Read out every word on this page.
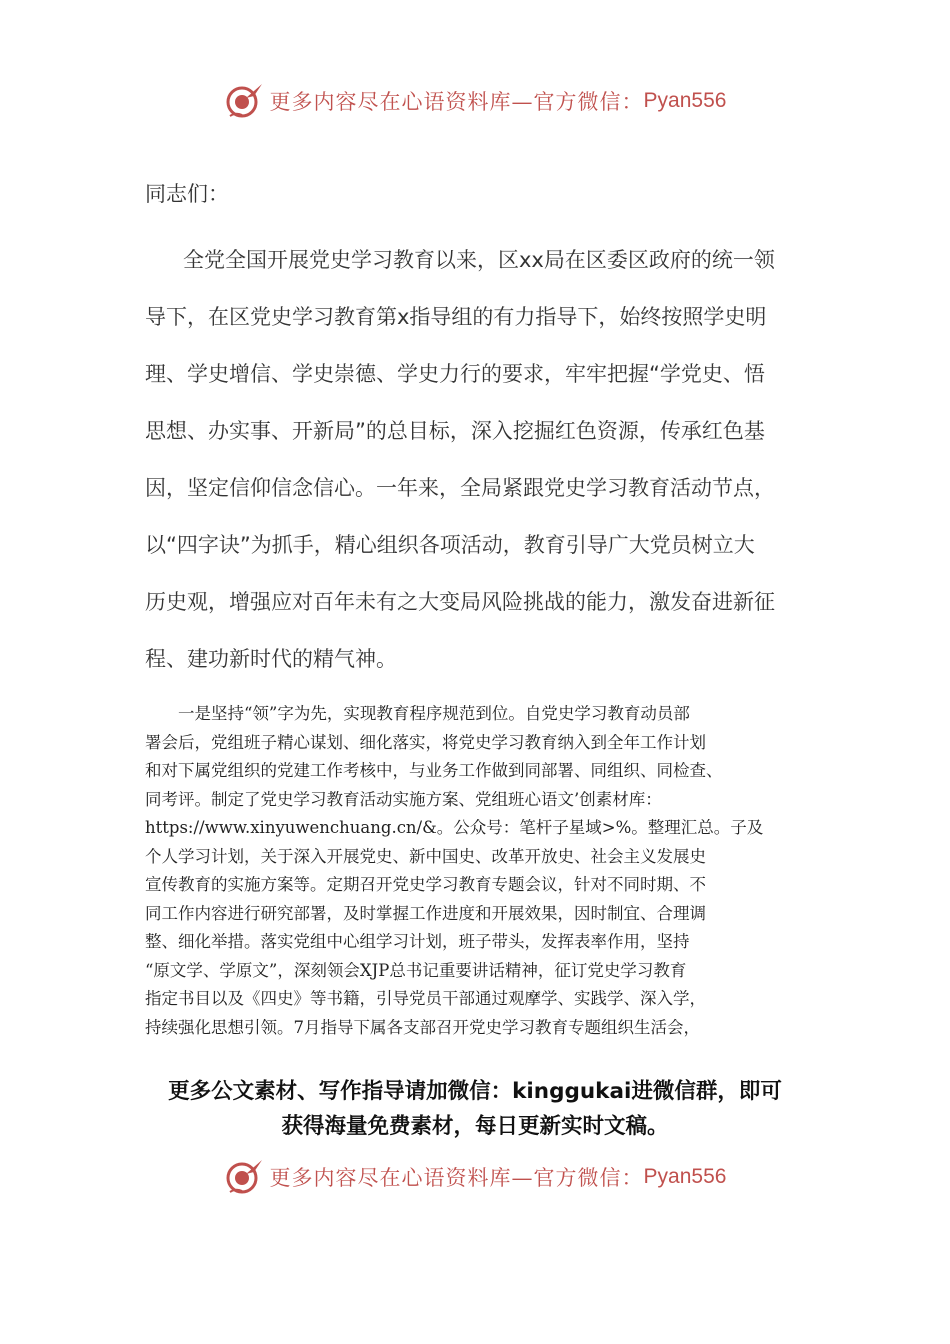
更多内容尽在心语资料库—官方微信： Pyan556
同志们：
全党全国开展党史学习教育以来，区xx局在区委区政府的统一领
导下，在区党史学习教育第x指导组的有力指导下，始终按照学史明
理、学史增信、学史崇德、学史力行的要求，牢牢把握“学党史、悟
思想、办实事、开新局”的总目标，深入挖掘红色资源，传承红色基
因，坚定信仰信念信心。一年来，全局紧跟党史学习教育活动节点，
以“四字诀”为抓手，精心组织各项活动，教育引导广大党员树立大
历史观，增强应对百年未有之大变局风险挑战的能力，激发奋进新征
程、建功新时代的精气神。

　　一是坚持“领”字为先，实现教育程序规范到位。自党史学习教育动员部

署会后，党组班子精心谋划、细化落实，将党史学习教育纳入到全年工作计划

和对下属党组织的党建工作考核中，与业务工作做到同部署、同组织、同检查、

同考评。制定了党史学习教育活动实施方案、党组班心语文’创素材库：

https://www.xinyuwenchuang.cn/&。公众号：笔杆子星域>%。整理汇总。子及

个人学习计划，关于深入开展党史、新中国史、改革开放史、社会主义发展史

宣传教育的实施方案等。定期召开党史学习教育专题会议，针对不同时期、不

同工作内容进行研究部署，及时掌握工作进度和开展效果，因时制宜、合理调

整、细化举措。落实党组中心组学习计划，班子带头，发挥表率作用，坚持

“原文学、学原文”，深刻领会XJP总书记重要讲话精神，征订党史学习教育

指定书目以及《四史》等书籍，引导党员干部通过观摩学、实践学、深入学，

持续强化思想引领。7月指导下属各支部召开党史学习教育专题组织生活会，

更多公文素材、写作指导请加微信：kinggukai进微信群，即可
获得海量免费素材，每日更新实时文稿。
更多内容尽在心语资料库—官方微信： Pyan556
